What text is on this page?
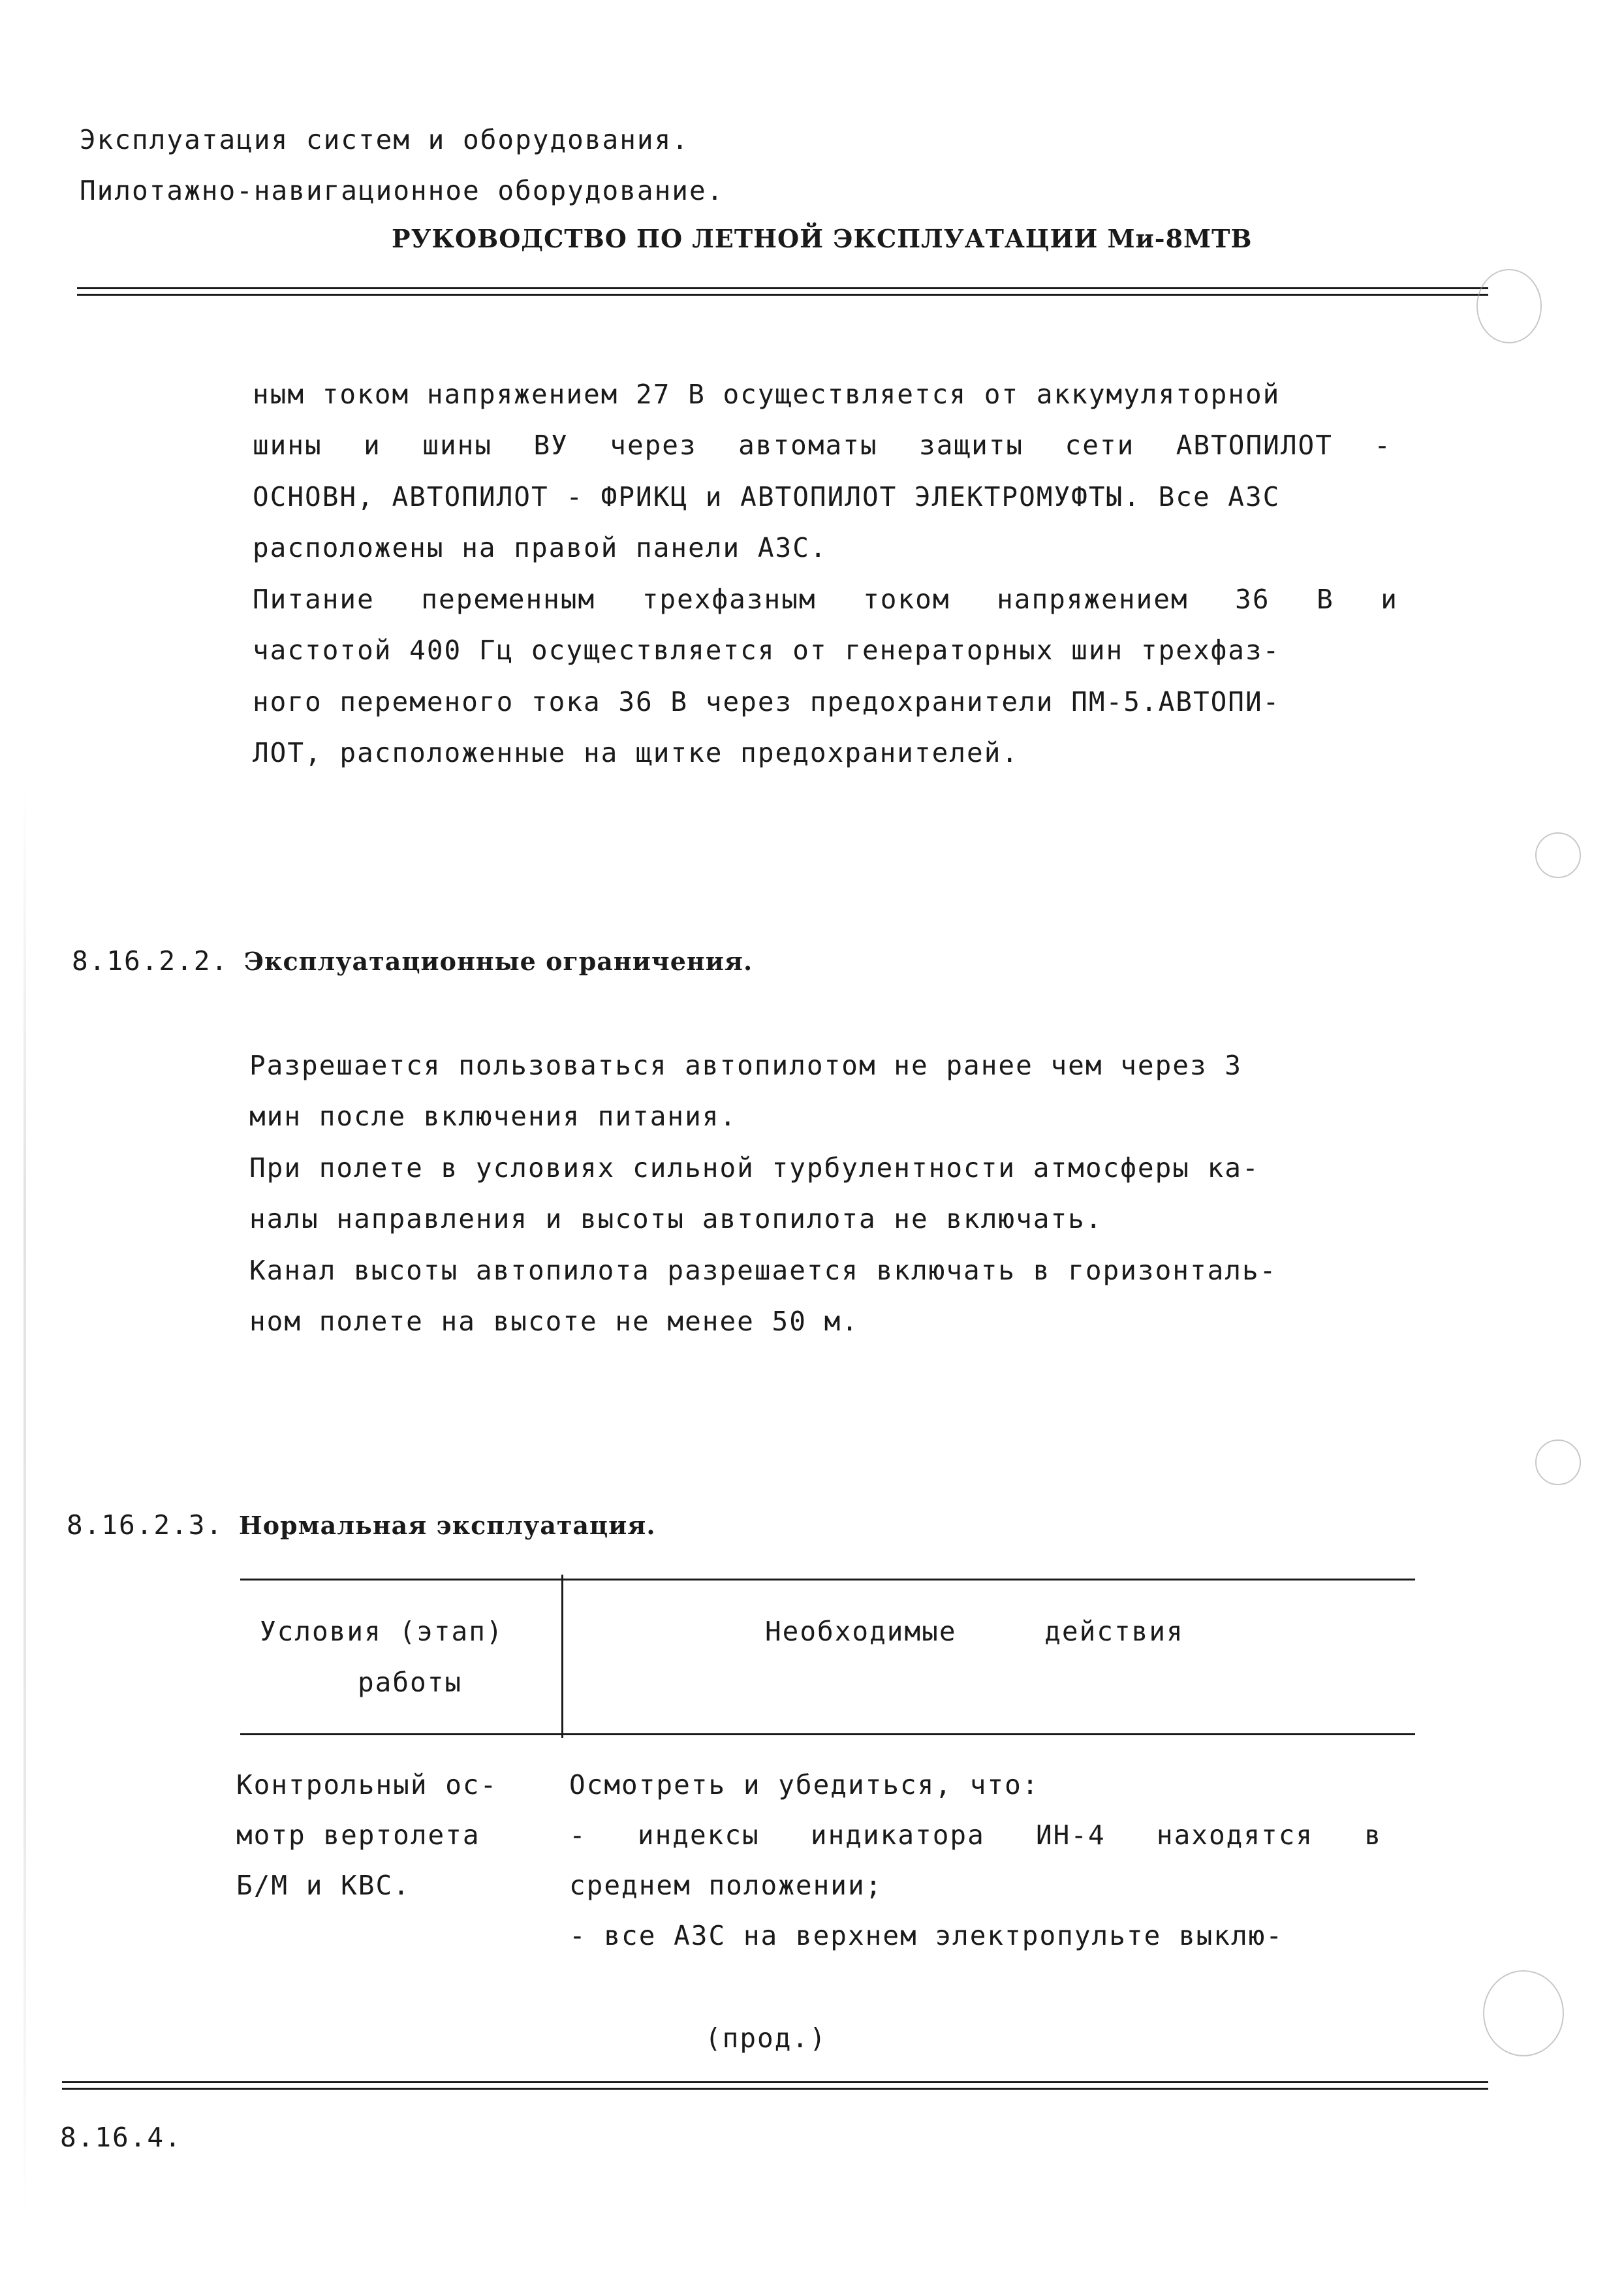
Эксплуатация систем и оборудования.
Пилотажно-навигационное оборудование.
РУКОВОДСТВО ПО ЛЕТНОЙ ЭКСПЛУАТАЦИИ Ми-8МТВ
ным током напряжением 27 В осуществляется от аккумуляторной
шины и шины ВУ через автоматы защиты сети АВТОПИЛОТ -
ОСНОВН, АВТОПИЛОТ - ФРИКЦ и АВТОПИЛОТ ЭЛЕКТРОМУФТЫ. Все АЗС
расположены на правой панели АЗС.
Питание переменным трехфазным током напряжением 36 В и
частотой 400 Гц осуществляется от генераторных шин трехфаз-
ного переменого тока 36 В через предохранители ПМ-5.АВТОПИ-
ЛОТ, расположенные на щитке предохранителей.
8.16.2.2. Эксплуатационные ограничения.
Разрешается пользоваться автопилотом не ранее чем через 3
мин после включения питания.
При полете в условиях сильной турбулентности атмосферы ка-
налы направления и высоты автопилота не включать.
Канал высоты автопилота разрешается включать в горизонталь-
ном полете на высоте не менее 50 м.
8.16.2.3. Нормальная эксплуатация.
Условия (этап)
работы
Необходимые	действия
Контрольный ос-
мотр вертолета
Б/М и КВС.
Осмотреть и убедиться, что:
- индексы индикатора ИН-4 находятся в
среднем положении;
- все АЗС на верхнем электропульте выклю-
(прод.)
8.16.4.
